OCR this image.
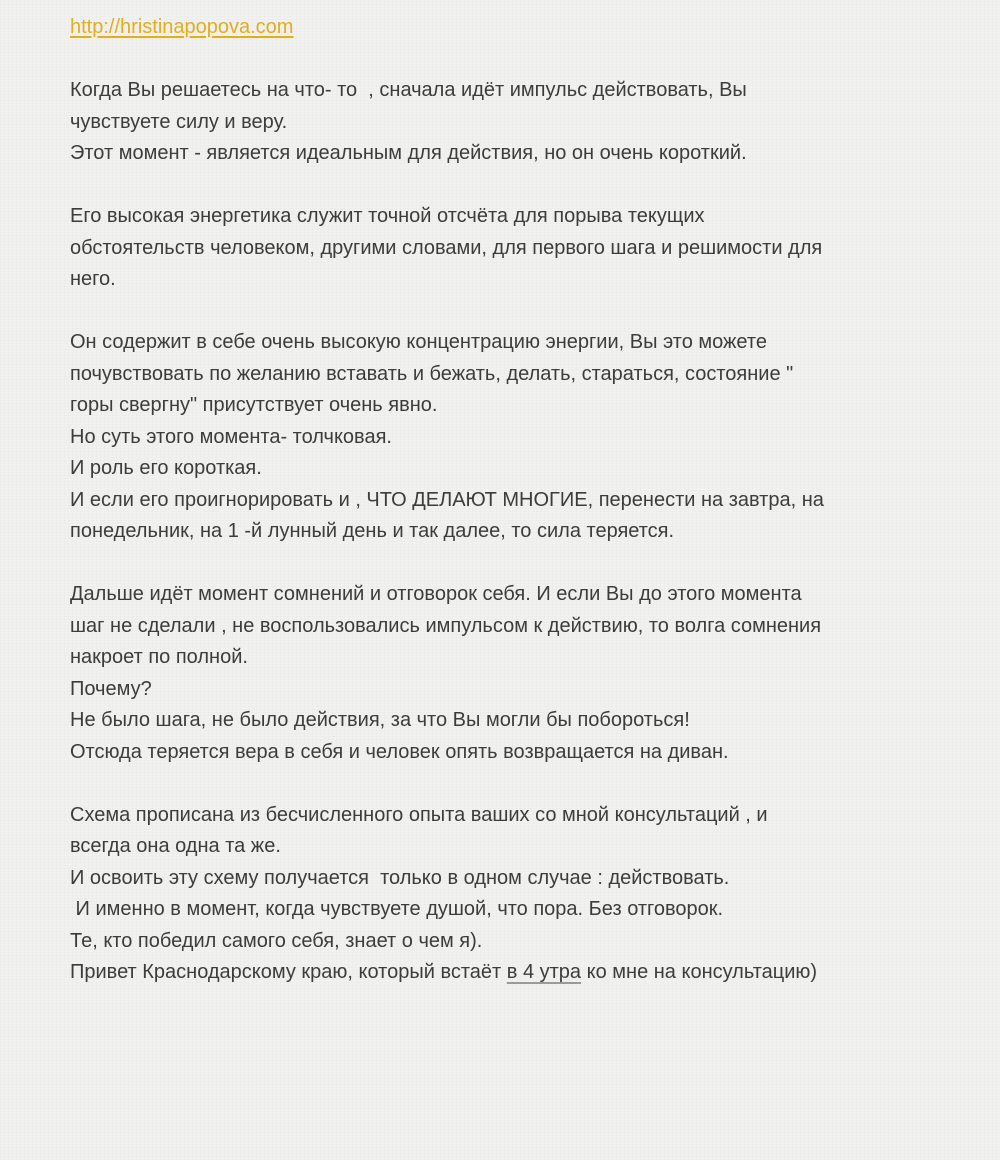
http://hristinapopova.com
Когда Вы решаетесь на что- то  , сначала идёт импульс действовать, Вы
чувствуете силу и веру.
Этот момент - является идеальным для действия, но он очень короткий.
Его высокая энергетика служит точной отсчёта для порыва текущих
обстоятельств человеком, другими словами, для первого шага и решимости для
него.
Он содержит в себе очень высокую концентрацию энергии, Вы это можете
почувствовать по желанию вставать и бежать, делать, стараться, состояние "
горы свергну" присутствует очень явно.
Но суть этого момента- толчковая.
И роль его короткая.
И если его проигнорировать и , ЧТО ДЕЛАЮТ МНОГИЕ, перенести на завтра, на
понедельник, на 1 -й лунный день и так далее, то сила теряется.
Дальше идёт момент сомнений и отговорок себя. И если Вы до этого момента
шаг не сделали , не воспользовались импульсом к действию, то волга сомнения
накроет по полной.
Почему?
Не было шага, не было действия, за что Вы могли бы побороться!
Отсюда теряется вера в себя и человек опять возвращается на диван.
Схема прописана из бесчисленного опыта ваших со мной консультаций , и
всегда она одна та же.
И освоить эту схему получается  только в одном случае : действовать.
И именно в момент, когда чувствуете душой, что пора. Без отговорок.
Те, кто победил самого себя, знает о чем я).
Привет Краснодарскому краю, который встаёт в 4 утра ко мне на консультацию)
